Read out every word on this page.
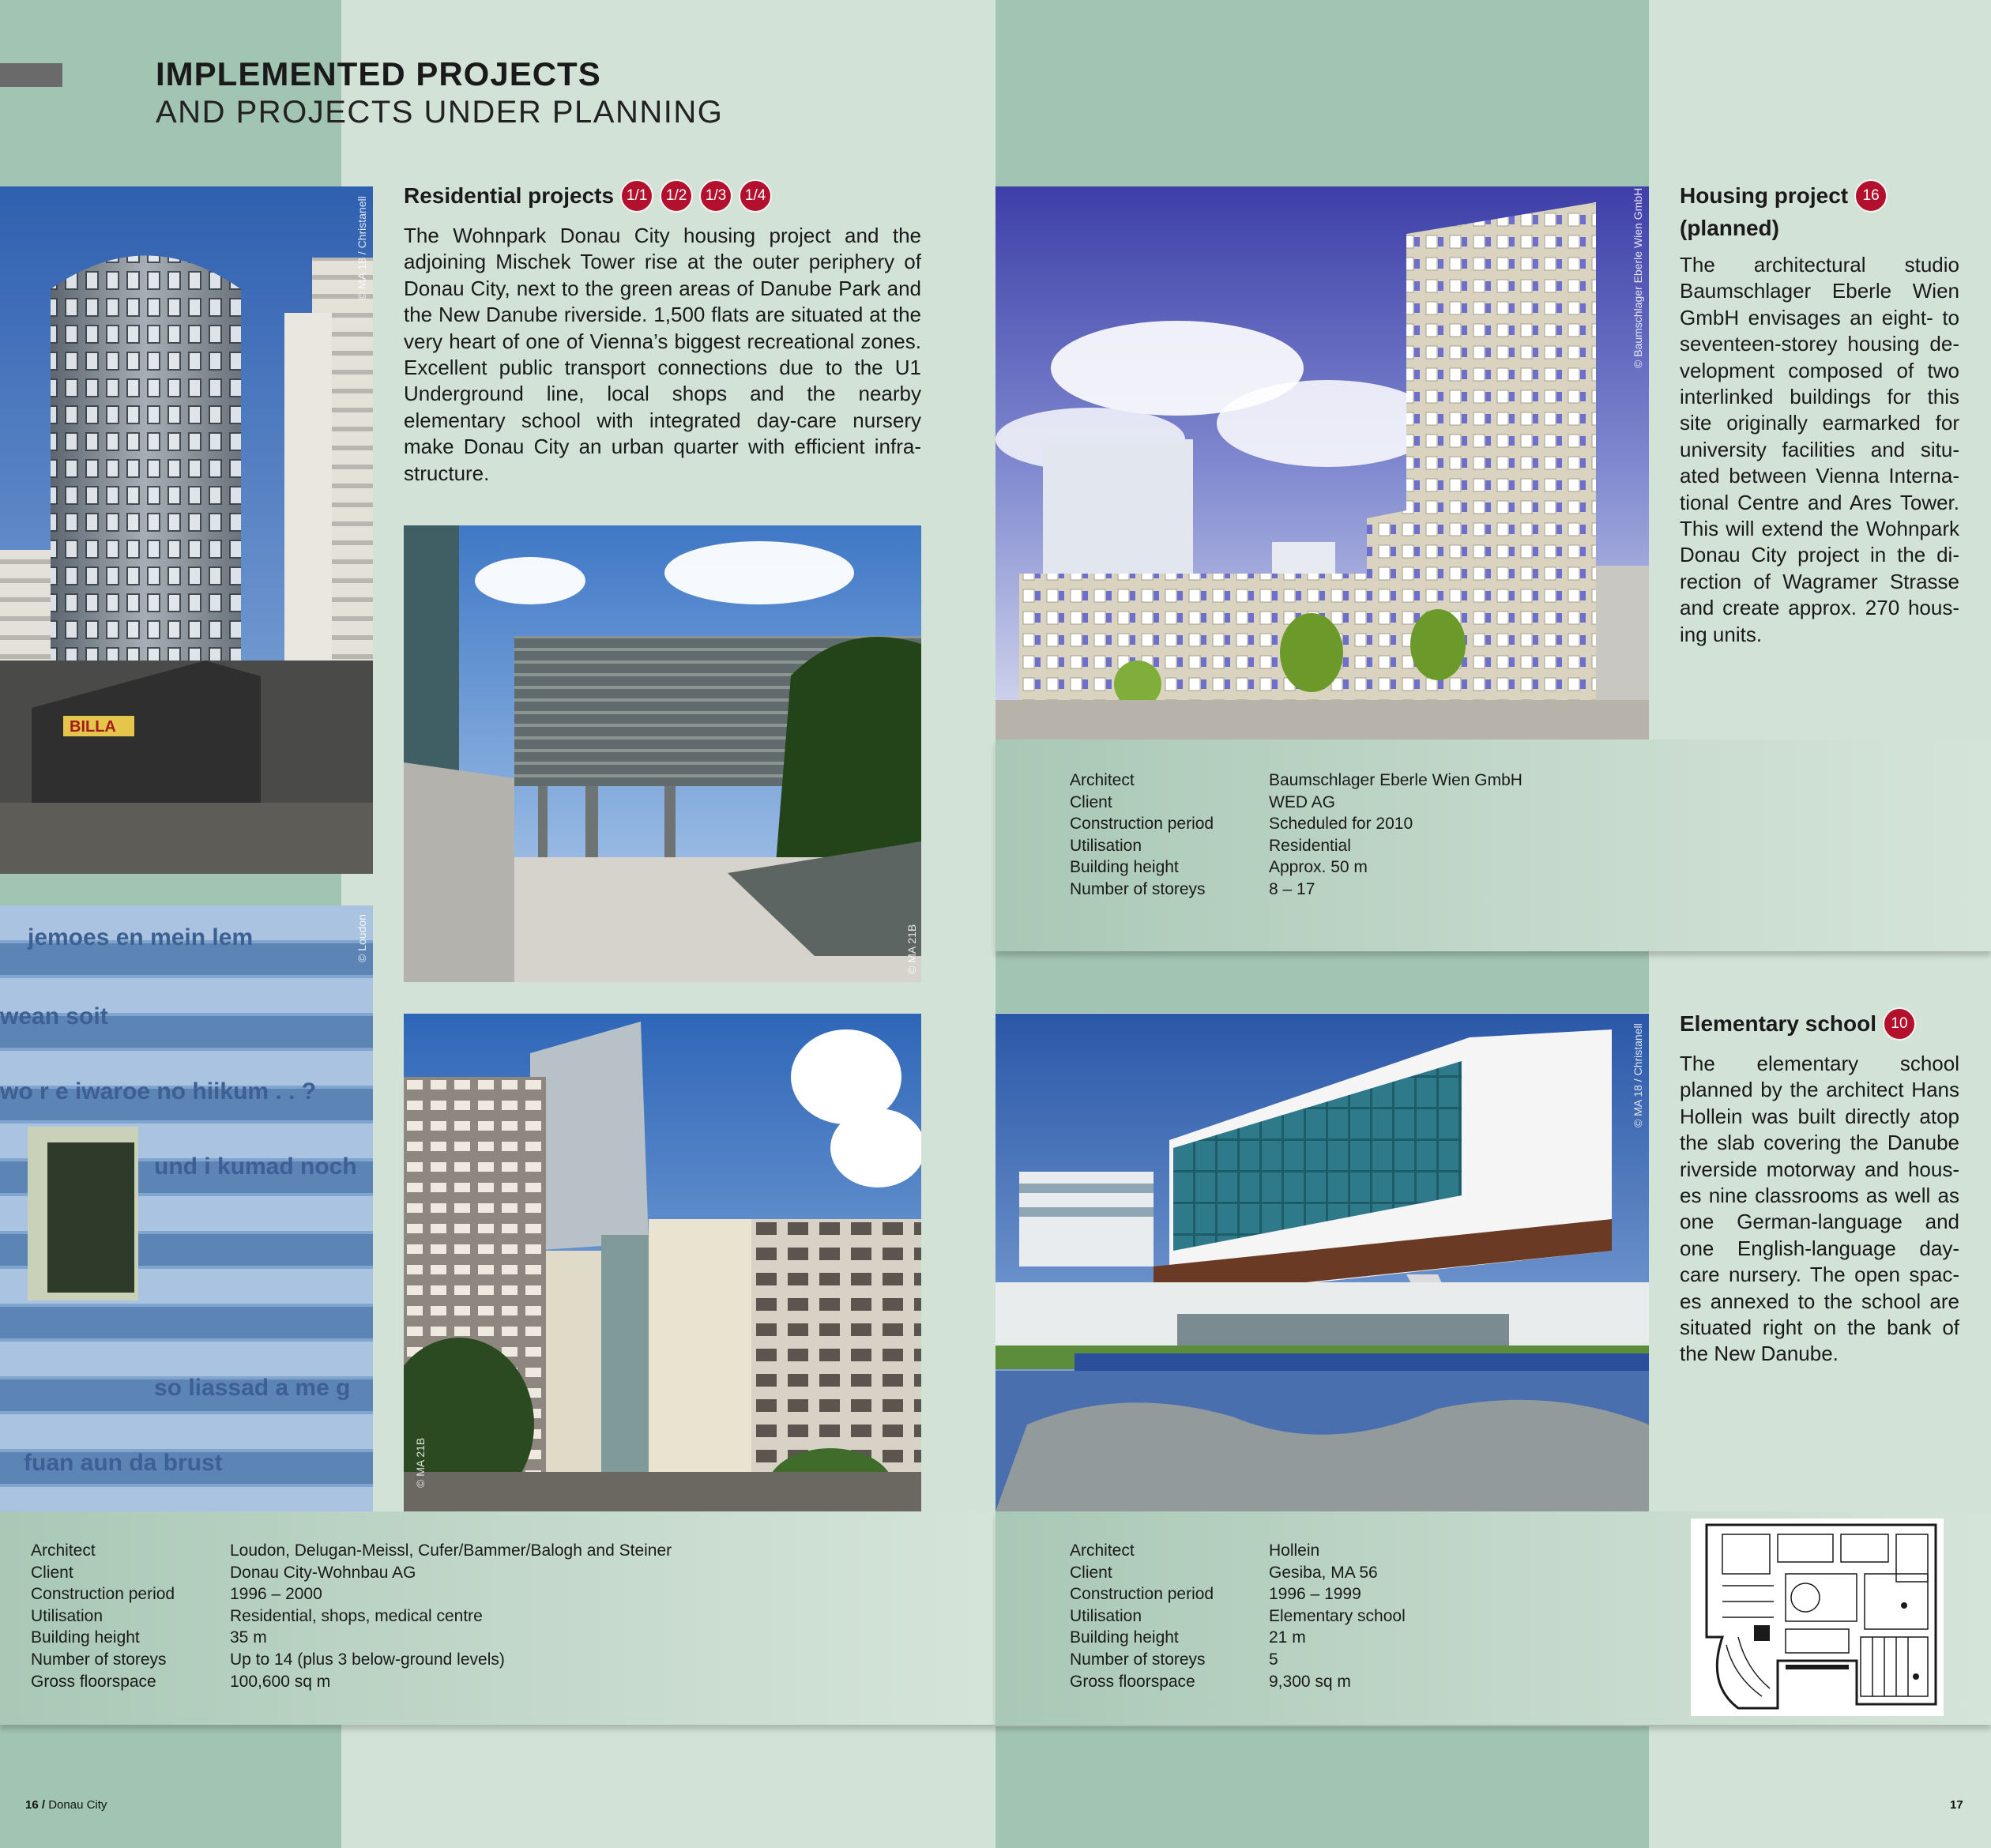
IMPLEMENTED PROJECTS
AND PROJECTS UNDER PLANNING
BILLA
© MA 18 / Christanell
jemoes en mein lem
wean soit
wo r e iwaroe no hiikum . . ?
und i kumad noch
so liassad a me g
fuan aun da brust
© Loudon
Residential projects 1/1	1/2	1/3	1/4
The Wohnpark Donau City housing project and the adjoining Mischek Tower rise at the outer periphery of Donau City, next to the green areas of Danube Park and the New Danube riverside. 1,500 flats are situated at the very heart of one of Vienna’s biggest recreational zones. Excellent public transport connections due to the U1 Underground line, local shops and the nearby elementary school with integrated day-care nursery make Donau City an urban quarter with efficient infra-structure.
© MA 21B
© MA 21B
Architect	Loudon, Delugan-Meissl, Cufer/Bammer/Balogh and Steiner
Client	Donau City-Wohnbau AG
Construction period	1996 – 2000
Utilisation	Residential, shops, medical centre
Building height	35 m
Number of storeys	Up to 14 (plus 3 below-ground levels)
Gross floorspace	100,600 sq m
© Baumschlager Eberle Wien GmbH Housing project 16
(planned)
The architectural studio Baumschlager Eberle Wien GmbH envisages an eight- to seventeen-storey housing de-velopment composed of two interlinked buildings for this site originally earmarked for university facilities and situ-ated between Vienna Interna-tional Centre and Ares Tower. This will extend the Wohnpark Donau City project in the di-rection of Wagramer Strasse and create approx. 270 hous-ing units.
Architect	Baumschlager Eberle Wien GmbH
Client	WED AG
Construction period	Scheduled for 2010
Utilisation	Residential
Building height	Approx. 50 m
Number of storeys	8 – 17
© MA 18 / Christanell Elementary school 10
The elementary school planned by the architect Hans Hollein was built directly atop the slab covering the Danube riverside motorway and hous-es nine classrooms as well as one German-language and one English-language day-care nursery. The open spac-es annexed to the school are situated right on the bank of the New Danube.
Architect	Hollein
Client	Gesiba, MA 56
Construction period	1996 – 1999
Utilisation	Elementary school
Building height	21 m
Number of storeys	5
Gross floorspace	9,300 sq m
16 / Donau City	17
